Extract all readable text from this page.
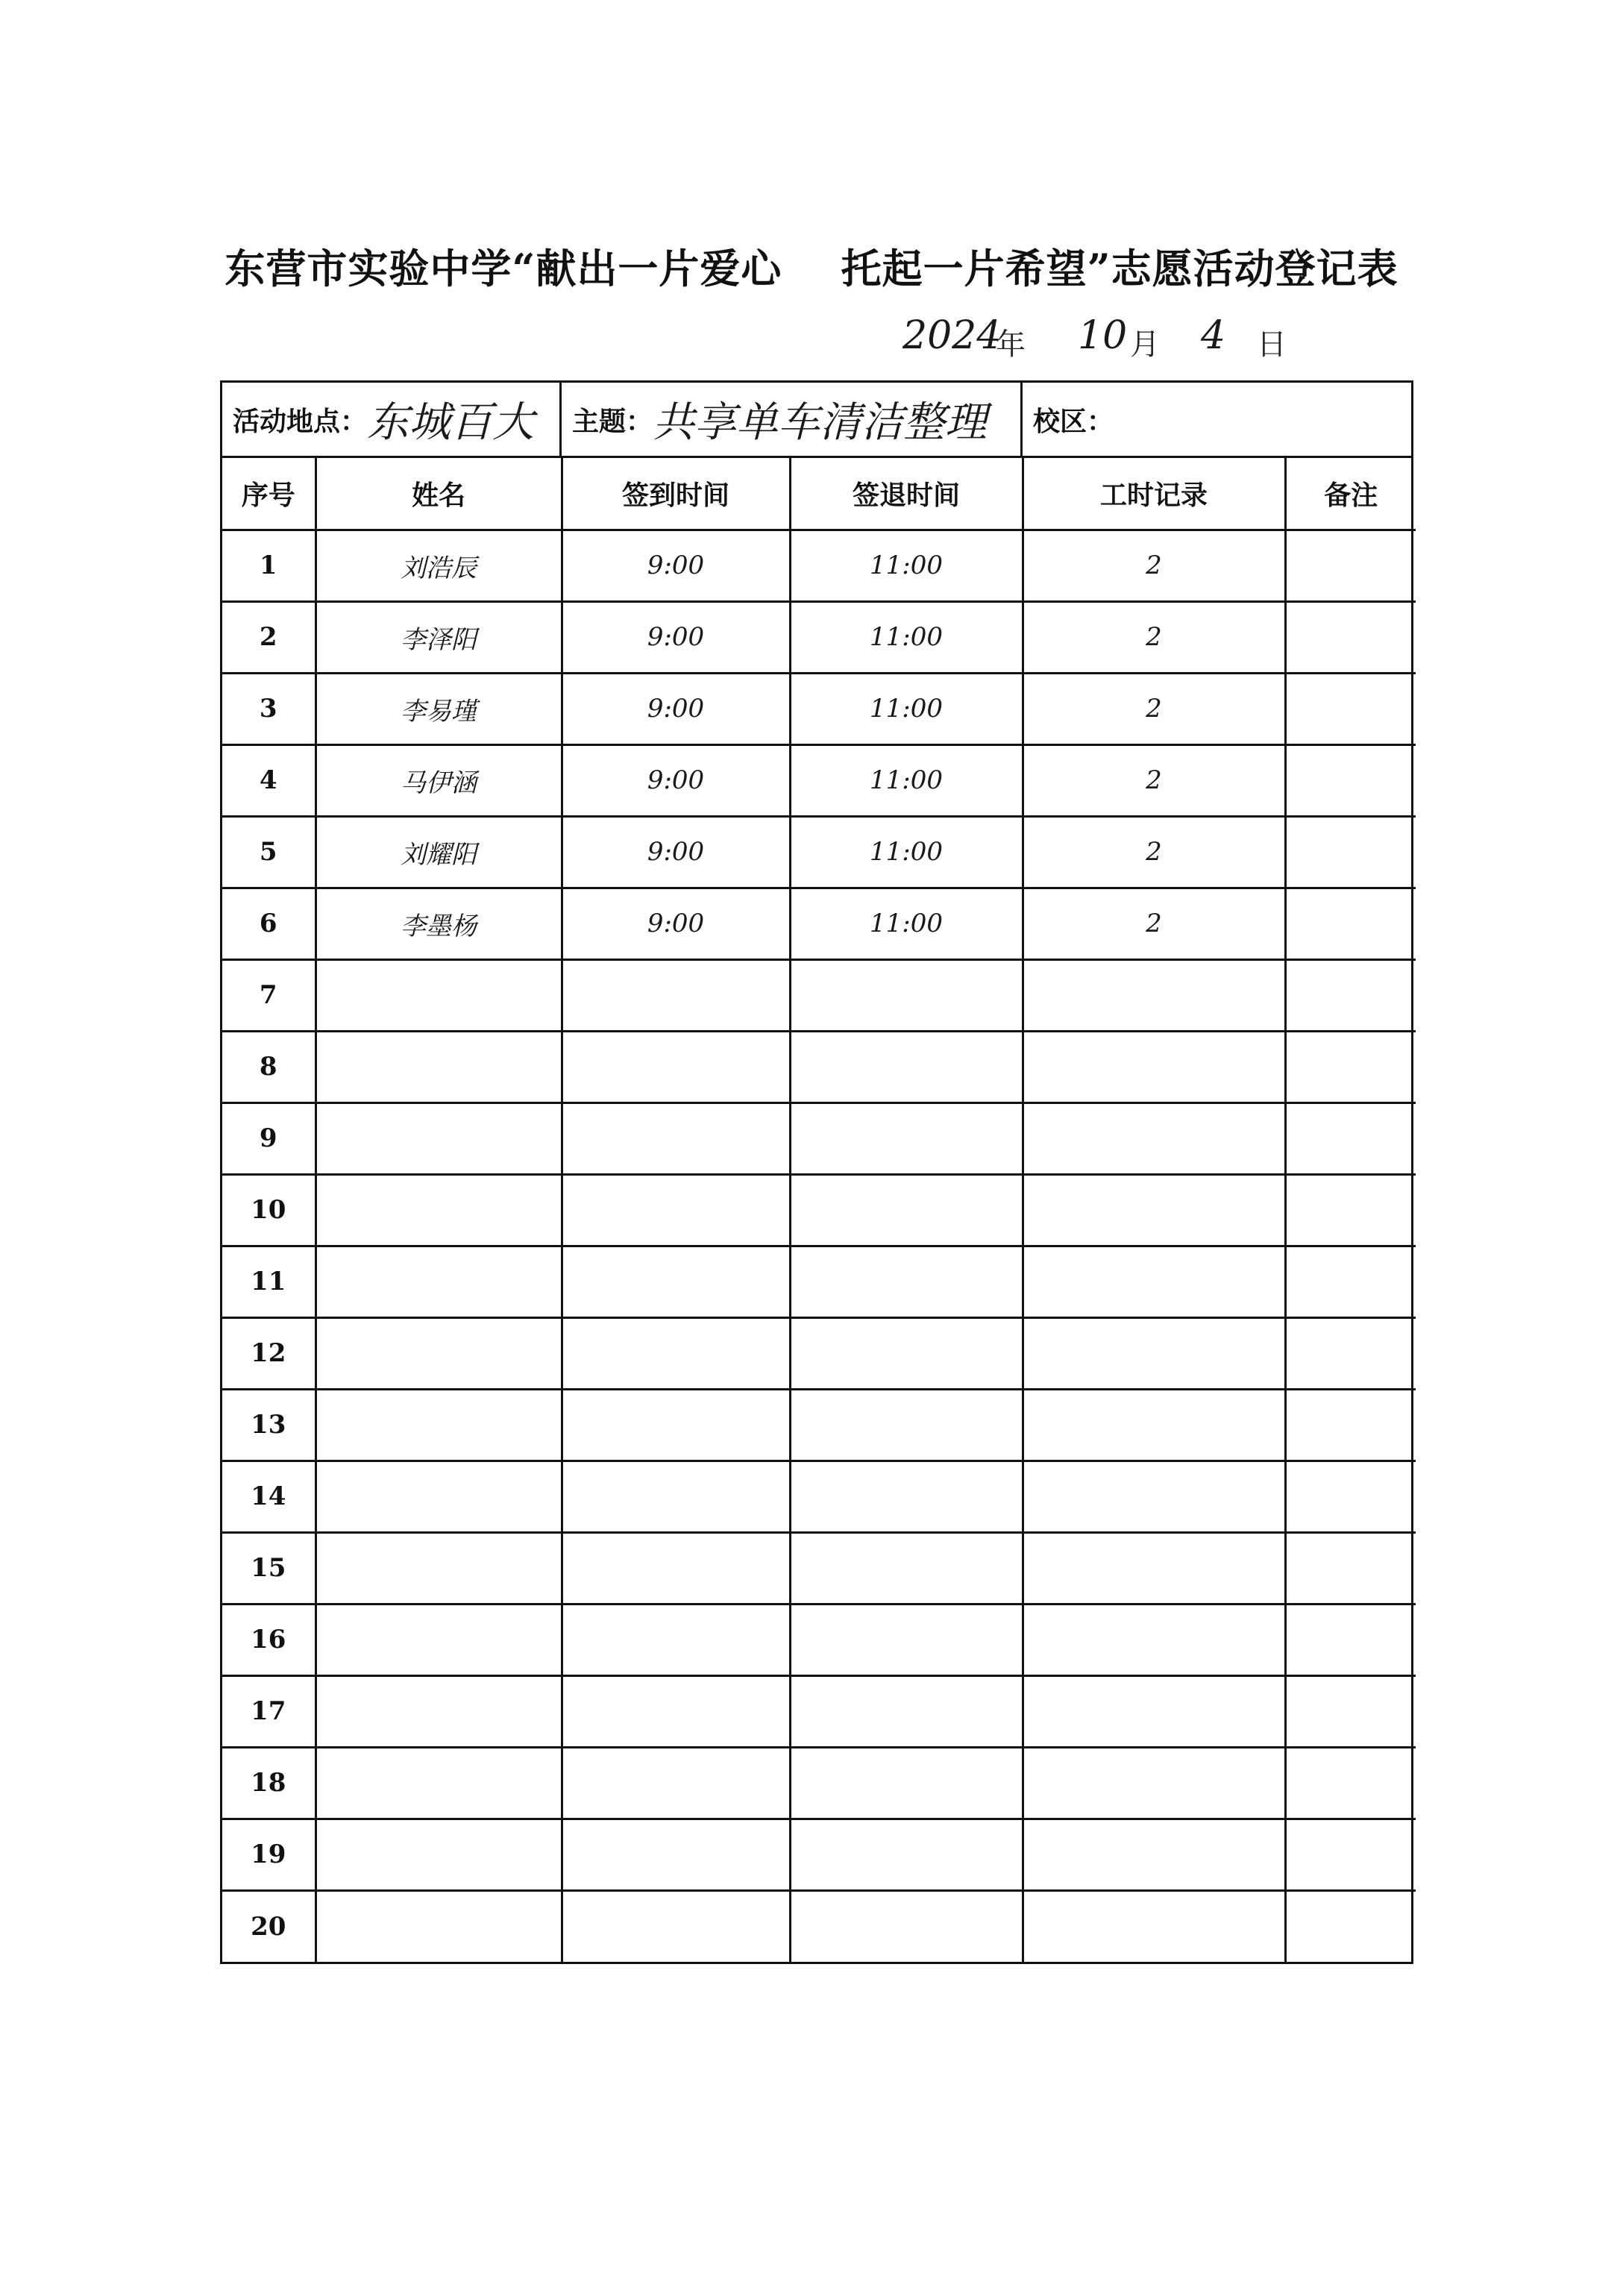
东营市实验中学“献出一片爱心    托起一片希望”志愿活动登记表
2024
年 10 月 4 日
活动地点： 东城百大 主题： 共享单车清洁整理 校区：
序号	姓名	签到时间	签退时间	工时记录	备注
1	刘浩辰	9:00	11:00	2	
2	李泽阳	9:00	11:00	2	
3	李易瑾	9:00	11:00	2	
4	马伊涵	9:00	11:00	2	
5	刘耀阳	9:00	11:00	2	
6	李墨杨	9:00	11:00	2	
7					
8					
9					
10					
11					
12					
13					
14					
15					
16					
17					
18					
19					
20					
